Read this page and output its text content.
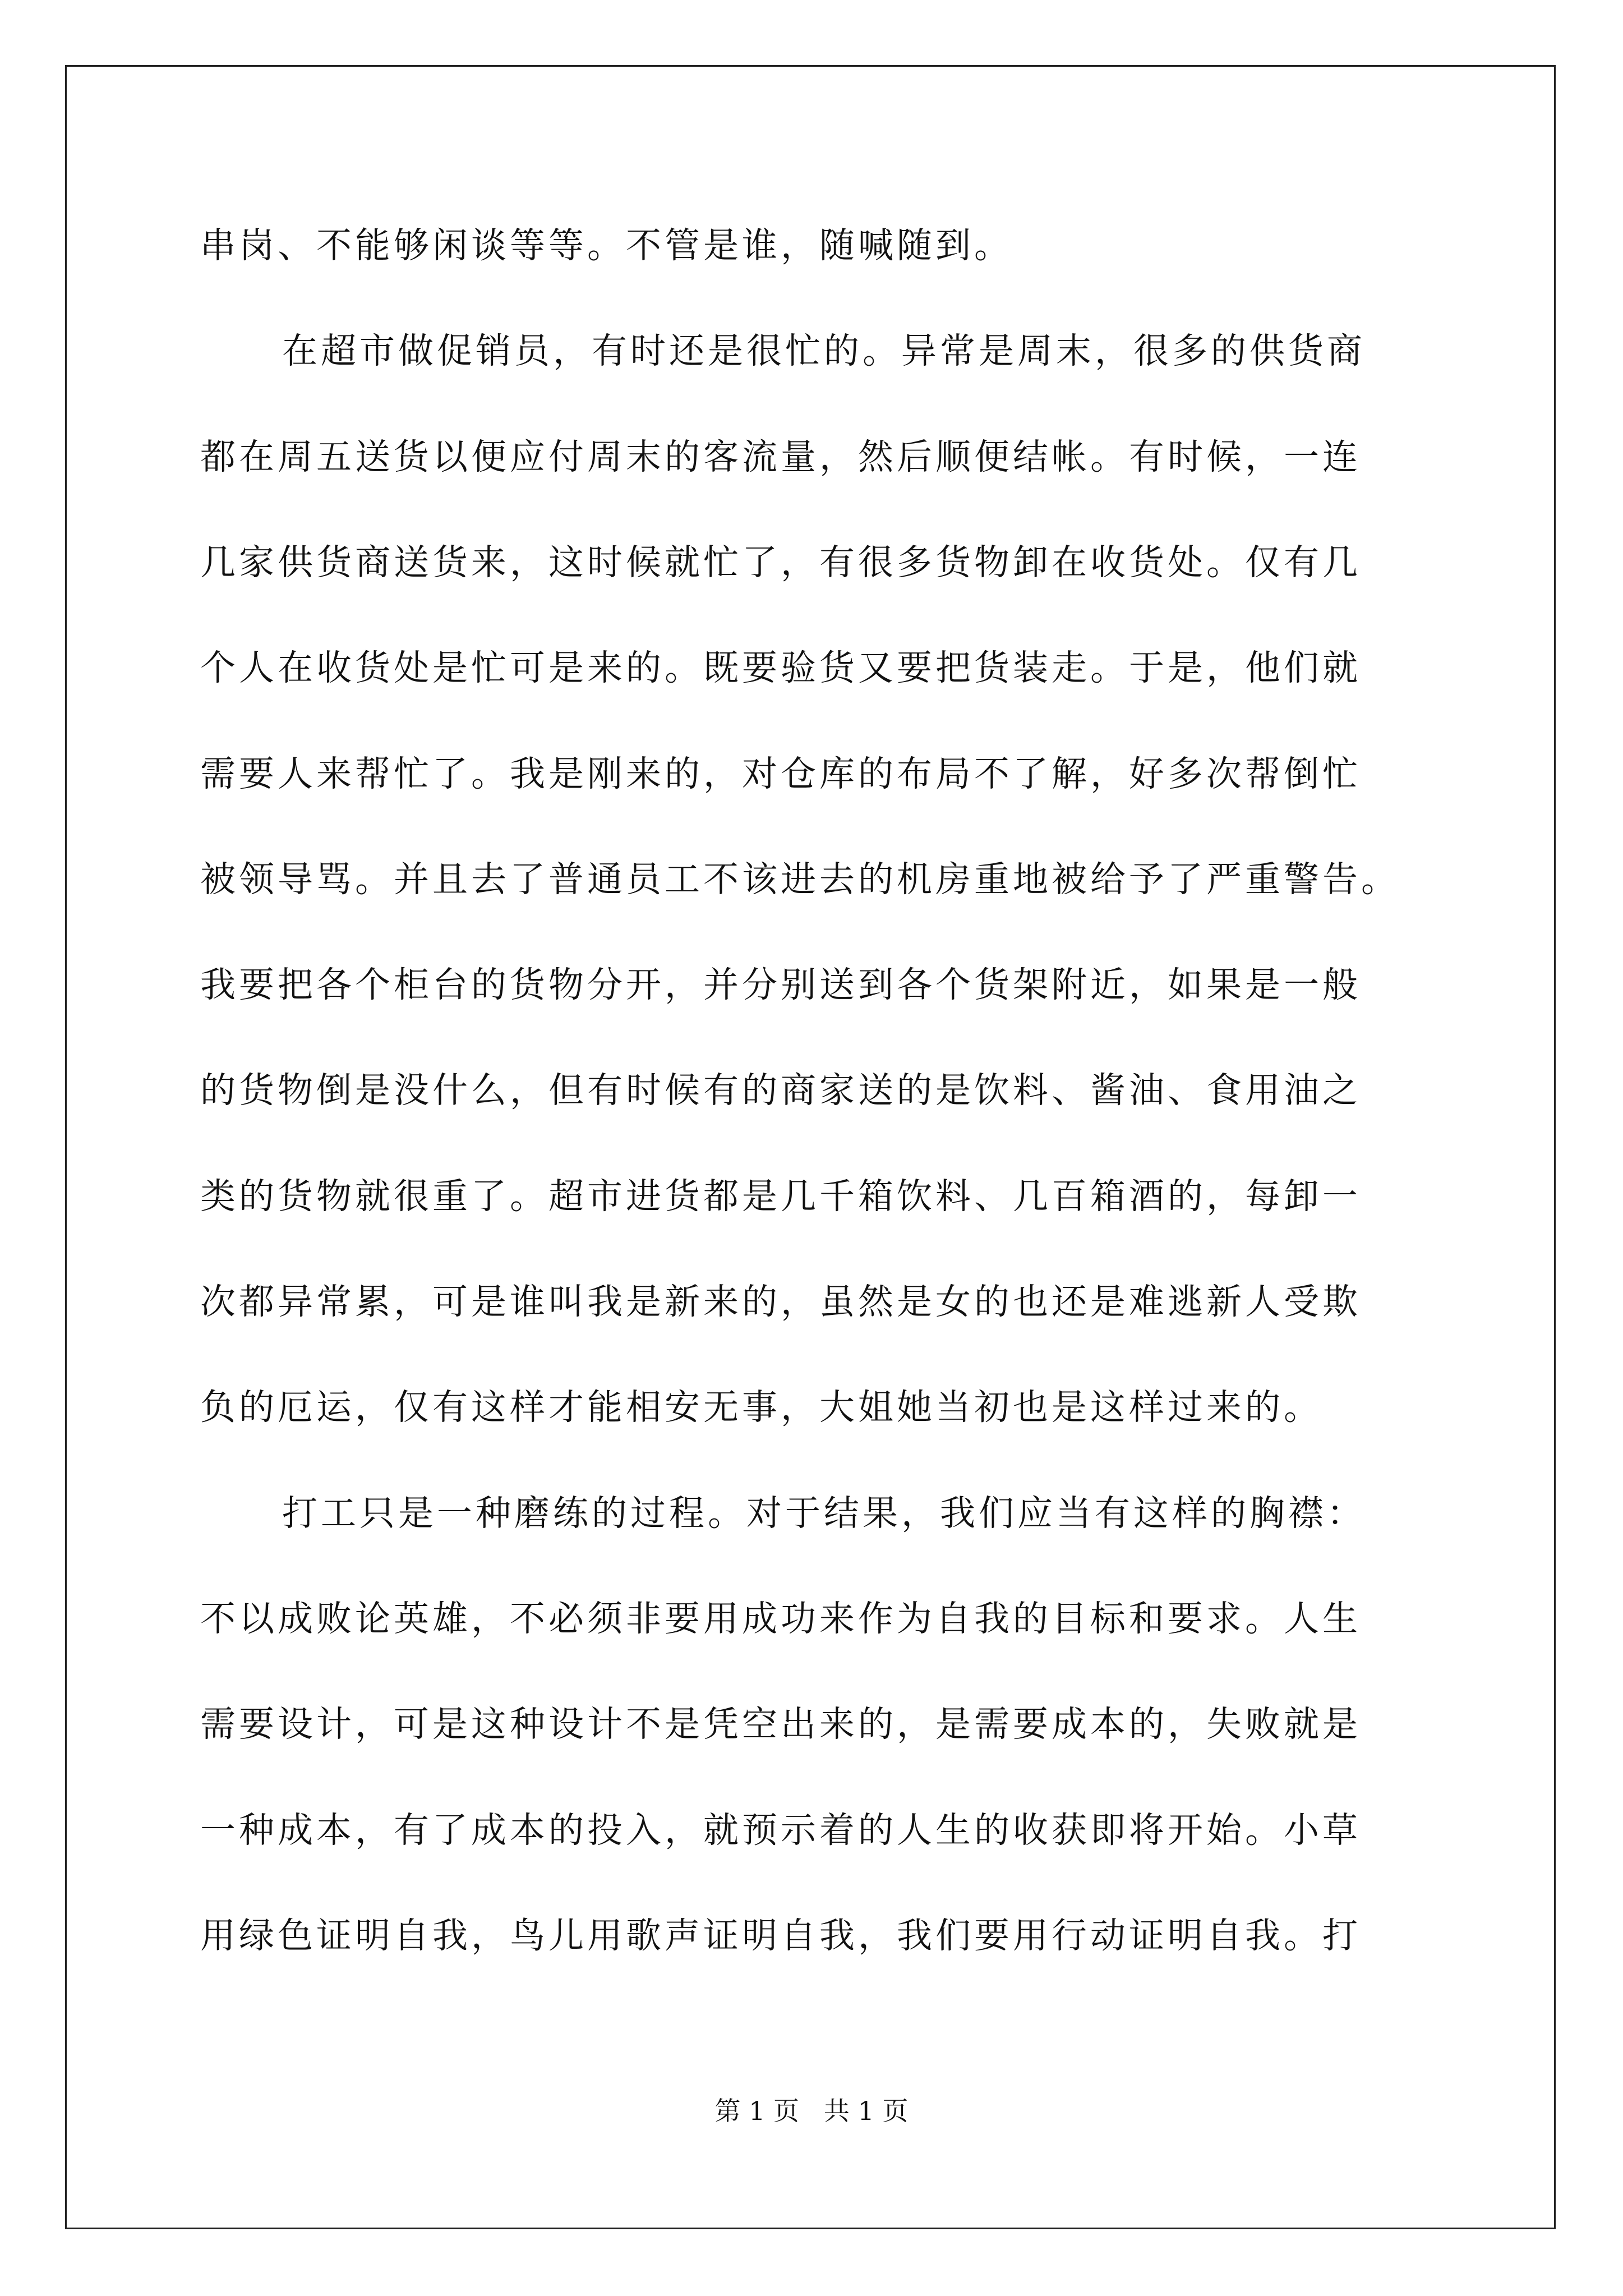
串岗、不能够闲谈等等。不管是谁，随喊随到。
在超市做促销员，有时还是很忙的。异常是周末，很多的供货商
都在周五送货以便应付周末的客流量，然后顺便结帐。有时候，一连
几家供货商送货来，这时候就忙了，有很多货物卸在收货处。仅有几
个人在收货处是忙可是来的。既要验货又要把货装走。于是，他们就
需要人来帮忙了。我是刚来的，对仓库的布局不了解，好多次帮倒忙
被领导骂。并且去了普通员工不该进去的机房重地被给予了严重警告。
我要把各个柜台的货物分开，并分别送到各个货架附近，如果是一般
的货物倒是没什么，但有时候有的商家送的是饮料、酱油、食用油之
类的货物就很重了。超市进货都是几千箱饮料、几百箱酒的，每卸一
次都异常累，可是谁叫我是新来的，虽然是女的也还是难逃新人受欺
负的厄运，仅有这样才能相安无事，大姐她当初也是这样过来的。
打工只是一种磨练的过程。对于结果，我们应当有这样的胸襟：
不以成败论英雄，不必须非要用成功来作为自我的目标和要求。人生
需要设计，可是这种设计不是凭空出来的，是需要成本的，失败就是
一种成本，有了成本的投入，就预示着的人生的收获即将开始。小草
用绿色证明自我，鸟儿用歌声证明自我，我们要用行动证明自我。打
第 1 页   共 1 页
